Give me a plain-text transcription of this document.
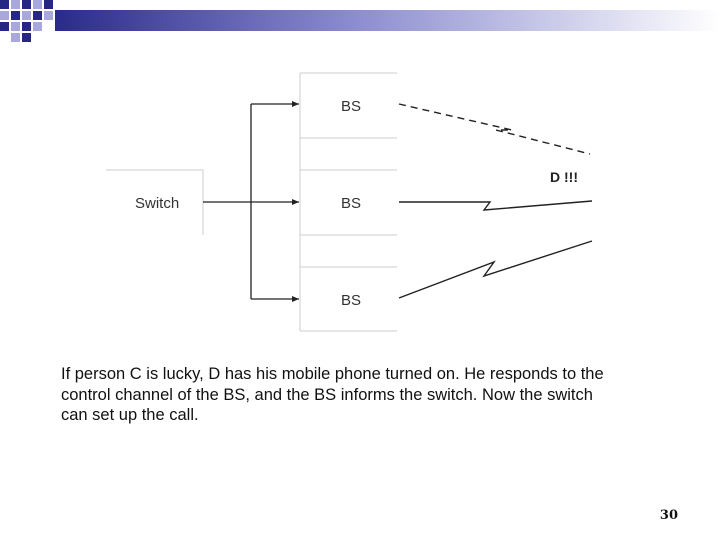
Switch
BS
BS
BS
D !!!

If person C is lucky, D has his mobile phone turned on. He responds to the control channel of the BS, and the BS informs the switch. Now the switch can set up the call.

30
